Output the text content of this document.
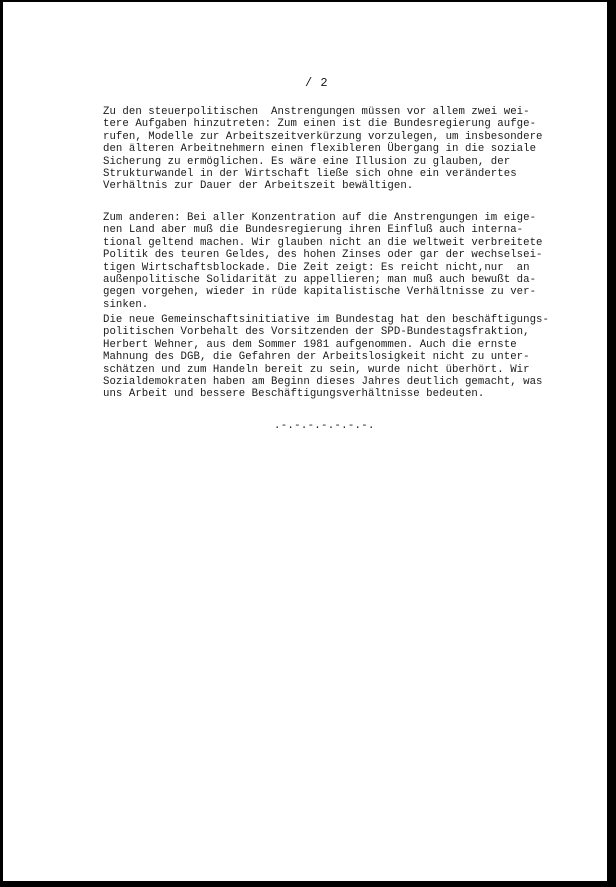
/ 2
Zu den steuerpolitischen  Anstrengungen müssen vor allem zwei wei-
tere Aufgaben hinzutreten: Zum einen ist die Bundesregierung aufge-
rufen, Modelle zur Arbeitszeitverkürzung vorzulegen, um insbesondere
den älteren Arbeitnehmern einen flexibleren Übergang in die soziale
Sicherung zu ermöglichen. Es wäre eine Illusion zu glauben, der
Strukturwandel in der Wirtschaft ließe sich ohne ein verändertes
Verhältnis zur Dauer der Arbeitszeit bewältigen.
Zum anderen: Bei aller Konzentration auf die Anstrengungen im eige-
nen Land aber muß die Bundesregierung ihren Einfluß auch interna-
tional geltend machen. Wir glauben nicht an die weltweit verbreitete
Politik des teuren Geldes, des hohen Zinses oder gar der wechselsei-
tigen Wirtschaftsblockade. Die Zeit zeigt: Es reicht nicht,nur  an
außenpolitische Solidarität zu appellieren; man muß auch bewußt da-
gegen vorgehen, wieder in rüde kapitalistische Verhältnisse zu ver-
sinken.
Die neue Gemeinschaftsinitiative im Bundestag hat den beschäftigungs-
politischen Vorbehalt des Vorsitzenden der SPD-Bundestagsfraktion,
Herbert Wehner, aus dem Sommer 1981 aufgenommen. Auch die ernste
Mahnung des DGB, die Gefahren der Arbeitslosigkeit nicht zu unter-
schätzen und zum Handeln bereit zu sein, wurde nicht überhört. Wir
Sozialdemokraten haben am Beginn dieses Jahres deutlich gemacht, was
uns Arbeit und bessere Beschäftigungsverhältnisse bedeuten.
.-.-.-.-.-.-.-.
